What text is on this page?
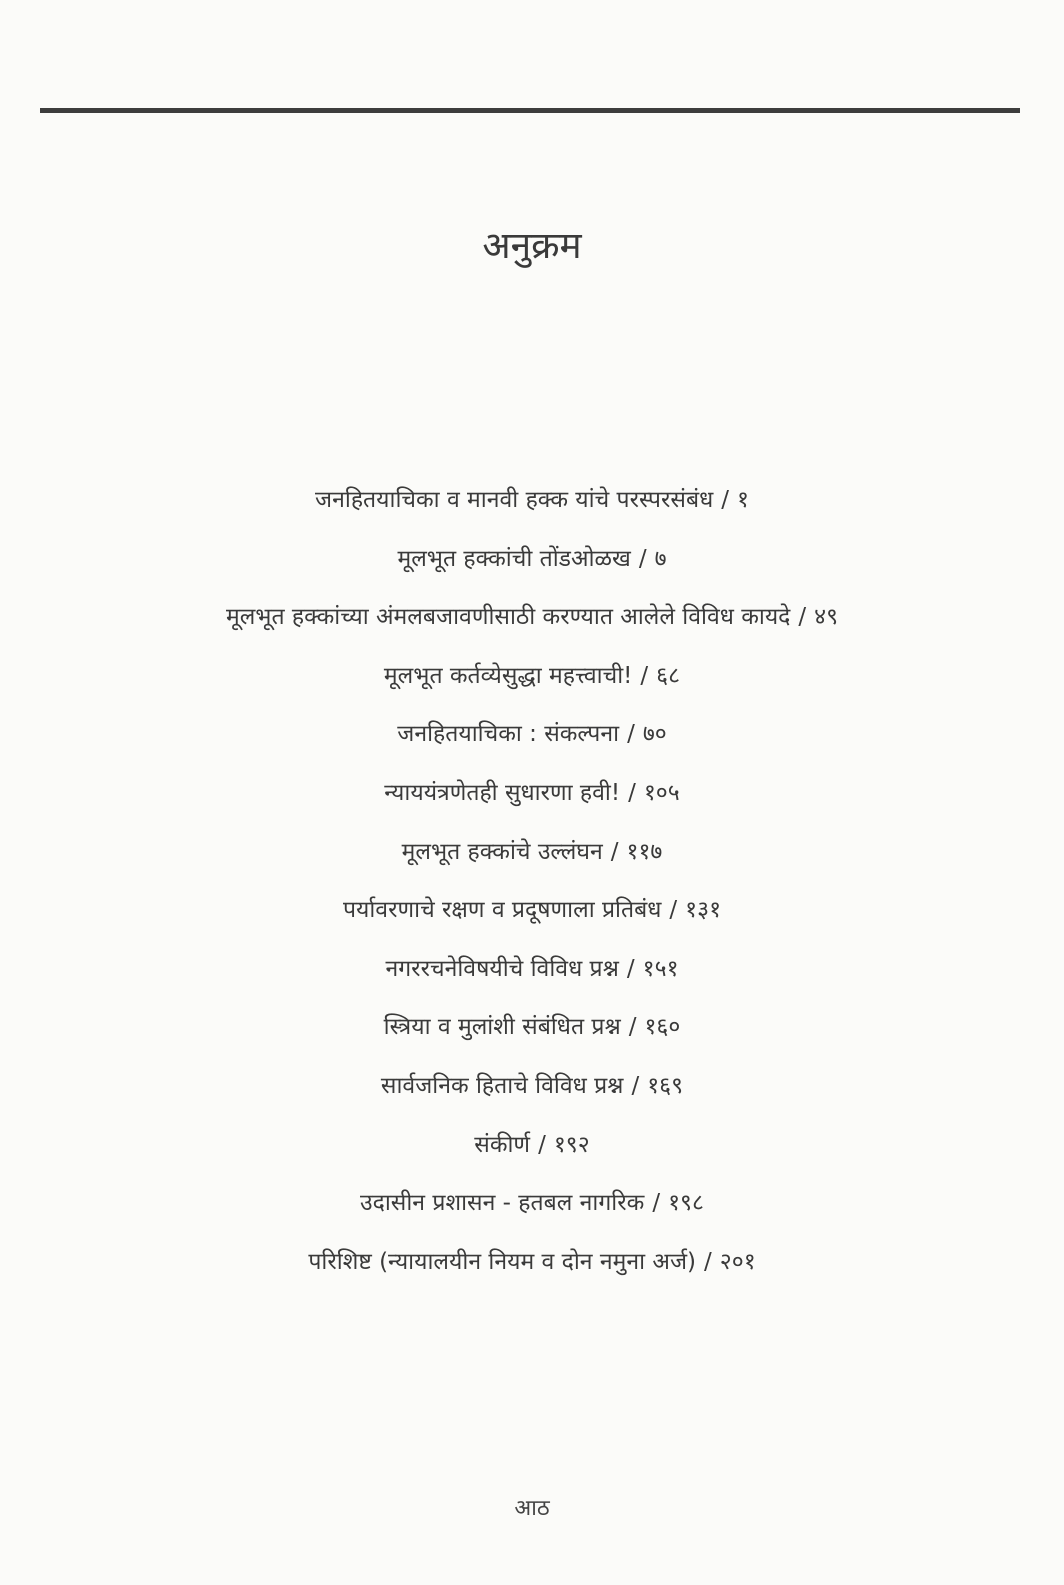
अनुक्रम
जनहितयाचिका व मानवी हक्क यांचे परस्परसंबंध / १
मूलभूत हक्कांची तोंडओळख / ७
मूलभूत हक्कांच्या अंमलबजावणीसाठी करण्यात आलेले विविध कायदे / ४९
मूलभूत कर्तव्येसुद्धा महत्त्वाची! / ६८
जनहितयाचिका : संकल्पना / ७०
न्याययंत्रणेतही सुधारणा हवी! / १०५
मूलभूत हक्कांचे उल्लंघन / ११७
पर्यावरणाचे रक्षण व प्रदूषणाला प्रतिबंध / १३१
नगररचनेविषयीचे विविध प्रश्न / १५१
स्त्रिया व मुलांशी संबंधित प्रश्न / १६०
सार्वजनिक हिताचे विविध प्रश्न / १६९
संकीर्ण / १९२
उदासीन प्रशासन - हतबल नागरिक / १९८
परिशिष्ट (न्यायालयीन नियम व दोन नमुना अर्ज) / २०१
आठ
